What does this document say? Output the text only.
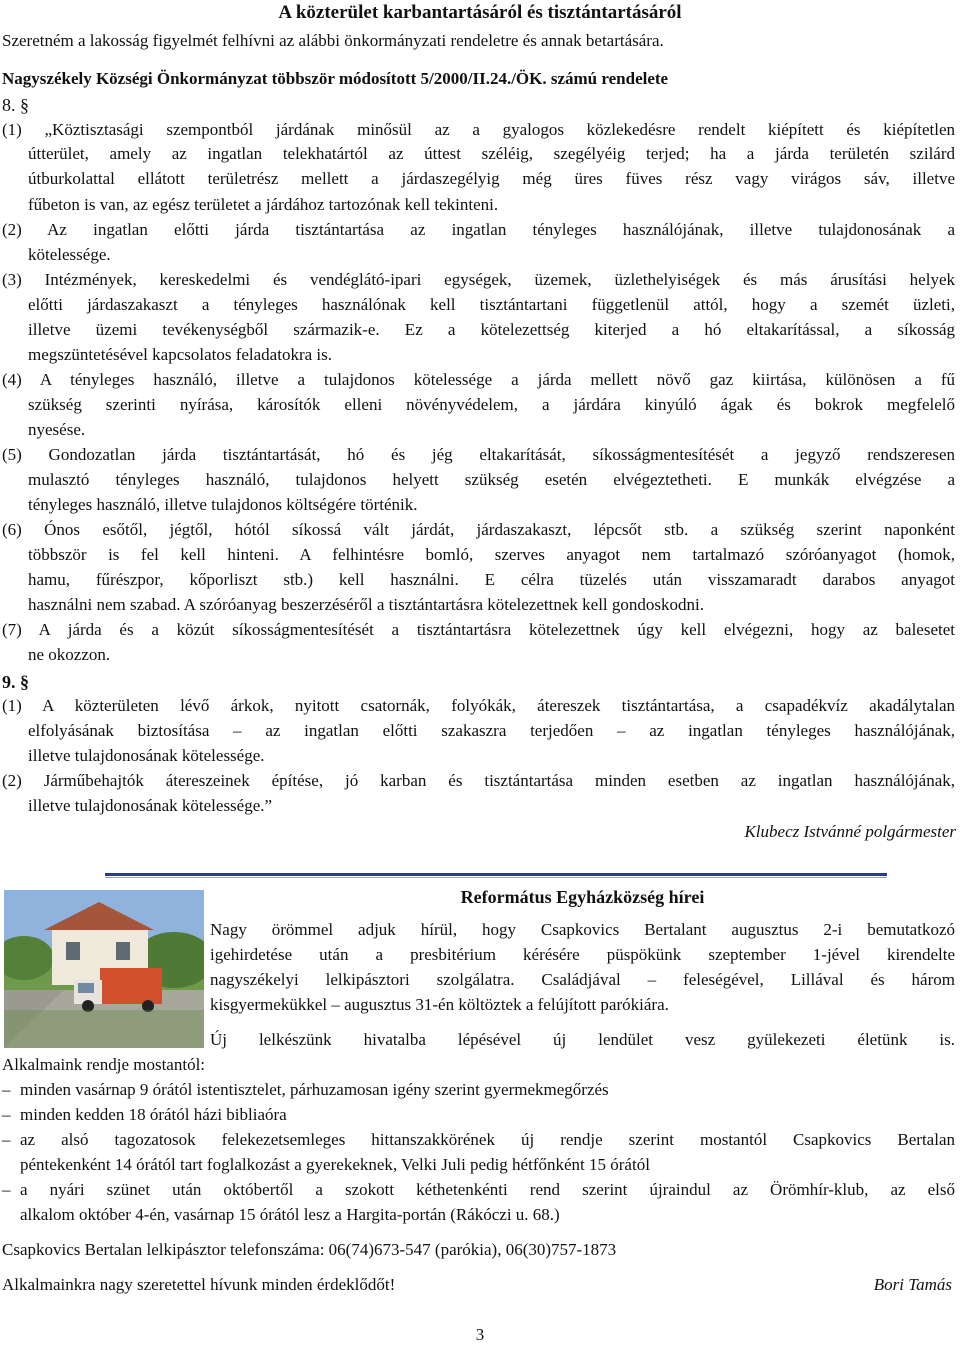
A közterület karbantartásáról és tisztántartásáról
Szeretném a lakosság figyelmét felhívni az alábbi önkormányzati rendeletre és annak betartására.
Nagyszékely Községi Önkormányzat többször módosított 5/2000/II.24./ÖK. számú rendelete
8. §
(1) „Köztisztasági szempontból járdának minősül az a gyalogos közlekedésre rendelt kiépített és kiépítetlen
útterület, amely az ingatlan telekhatártól az úttest széléig, szegélyéig terjed; ha a járda területén szilárd
útburkolattal ellátott területrész mellett a járdaszegélyig még üres füves rész vagy virágos sáv, illetve
fűbeton is van, az egész területet a járdához tartozónak kell tekinteni.
(2) Az ingatlan előtti járda tisztántartása az ingatlan tényleges használójának, illetve tulajdonosának a
kötelessége.
(3) Intézmények, kereskedelmi és vendéglátó-ipari egységek, üzemek, üzlethelyiségek és más árusítási helyek
előtti járdaszakaszt a tényleges használónak kell tisztántartani függetlenül attól, hogy a szemét üzleti,
illetve üzemi tevékenységből származik-e. Ez a kötelezettség kiterjed a hó eltakarítással, a síkosság
megszüntetésével kapcsolatos feladatokra is.
(4) A tényleges használó, illetve a tulajdonos kötelessége a járda mellett növő gaz kiirtása, különösen a fű
szükség szerinti nyírása, károsítók elleni növényvédelem, a járdára kinyúló ágak és bokrok megfelelő
nyesése.
(5) Gondozatlan járda tisztántartását, hó és jég eltakarítását, síkosságmentesítését a jegyző rendszeresen
mulasztó tényleges használó, tulajdonos helyett szükség esetén elvégeztetheti. E munkák elvégzése a
tényleges használó, illetve tulajdonos költségére történik.
(6) Ónos esőtől, jégtől, hótól síkossá vált járdát, járdaszakaszt, lépcsőt stb. a szükség szerint naponként
többször is fel kell hinteni. A felhintésre bomló, szerves anyagot nem tartalmazó szóróanyagot (homok,
hamu, fűrészpor, kőporliszt stb.) kell használni. E célra tüzelés után visszamaradt darabos anyagot
használni nem szabad. A szóróanyag beszerzéséről a tisztántartásra kötelezettnek kell gondoskodni.
(7) A járda és a közút síkosságmentesítését a tisztántartásra kötelezettnek úgy kell elvégezni, hogy az balesetet
ne okozzon.
9. §
(1) A közterületen lévő árkok, nyitott csatornák, folyókák, átereszek tisztántartása, a csapadékvíz akadálytalan
elfolyásának biztosítása – az ingatlan előtti szakaszra terjedően – az ingatlan tényleges használójának,
illetve tulajdonosának kötelessége.
(2) Járműbehajtók átereszeinek építése, jó karban és tisztántartása minden esetben az ingatlan használójának,
illetve tulajdonosának kötelessége.”
Klubecz Istvánné polgármester
Református Egyházközség hírei
Nagy örömmel adjuk hírül, hogy Csapkovics Bertalant augusztus 2-i bemutatkozó
igehirdetése után a presbitérium kérésére püspökünk szeptember 1-jével kirendelte
nagyszékelyi lelkipásztori szolgálatra. Családjával – feleségével, Lillával és három
kisgyermekükkel – augusztus 31-én költöztek a felújított parókiára.
Új lelkészünk hivatalba lépésével új lendület vesz gyülekezeti életünk is.
Alkalmaink rendje mostantól:
– minden vasárnap 9 órától istentisztelet, párhuzamosan igény szerint gyermekmegőrzés
– minden kedden 18 órától házi bibliaóra
– az alsó tagozatosok felekezetsemleges hittanszakkörének új rendje szerint mostantól Csapkovics Bertalan
péntekenként 14 órától tart foglalkozást a gyerekeknek, Velki Juli pedig hétfőnként 15 órától
– a nyári szünet után októbertől a szokott kéthetenkénti rend szerint újraindul az Örömhír-klub, az első
alkalom október 4-én, vasárnap 15 órától lesz a Hargita-portán (Rákóczi u. 68.)
Csapkovics Bertalan lelkipásztor telefonszáma: 06(74)673-547 (parókia), 06(30)757-1873
Alkalmainkra nagy szeretettel hívunk minden érdeklődőt!	Bori Tamás
3
